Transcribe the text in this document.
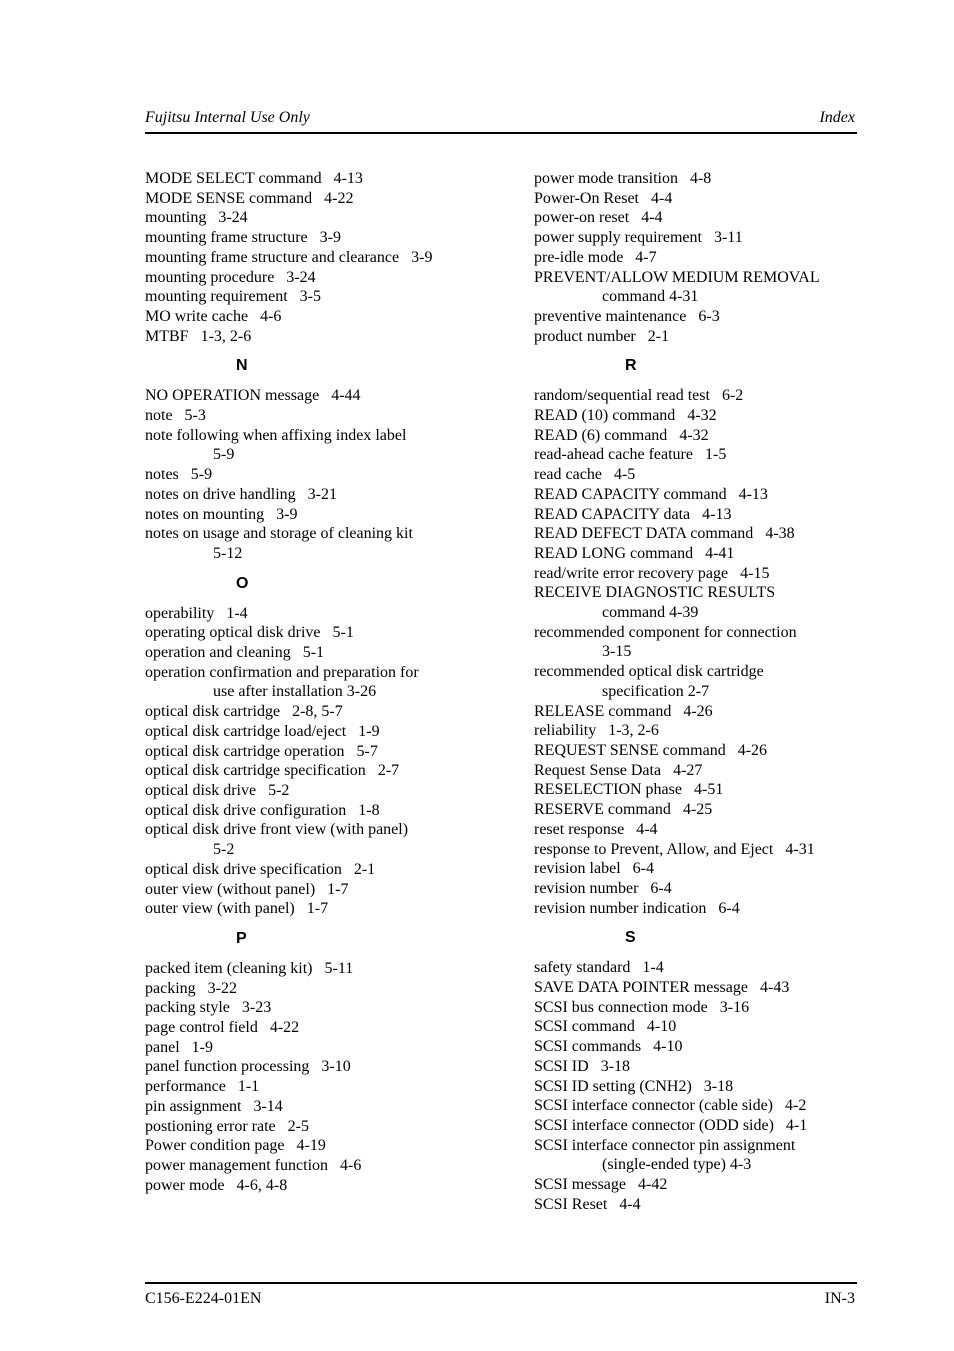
Fujitsu Internal Use Only	Index
MODE SELECT command 4-13
MODE SENSE command 4-22
mounting 3-24
mounting frame structure 3-9
mounting frame structure and clearance 3-9
mounting procedure 3-24
mounting requirement 3-5
MO write cache 4-6
MTBF 1-3, 2-6
N
NO OPERATION message 4-44
note 5-3
note following when affixing index label
5-9
notes 5-9
notes on drive handling 3-21
notes on mounting 3-9
notes on usage and storage of cleaning kit
5-12
O
operability 1-4
operating optical disk drive 5-1
operation and cleaning 5-1
operation confirmation and preparation for
use after installation 3-26
optical disk cartridge 2-8, 5-7
optical disk cartridge load/eject 1-9
optical disk cartridge operation 5-7
optical disk cartridge specification 2-7
optical disk drive 5-2
optical disk drive configuration 1-8
optical disk drive front view (with panel)
5-2
optical disk drive specification 2-1
outer view (without panel) 1-7
outer view (with panel) 1-7
P
packed item (cleaning kit) 5-11
packing 3-22
packing style 3-23
page control field 4-22
panel 1-9
panel function processing 3-10
performance 1-1
pin assignment 3-14
postioning error rate 2-5
Power condition page 4-19
power management function 4-6
power mode 4-6, 4-8
power mode transition 4-8
Power-On Reset 4-4
power-on reset 4-4
power supply requirement 3-11
pre-idle mode 4-7
PREVENT/ALLOW MEDIUM REMOVAL
command 4-31
preventive maintenance 6-3
product number 2-1
R
random/sequential read test 6-2
READ (10) command 4-32
READ (6) command 4-32
read-ahead cache feature 1-5
read cache 4-5
READ CAPACITY command 4-13
READ CAPACITY data 4-13
READ DEFECT DATA command 4-38
READ LONG command 4-41
read/write error recovery page 4-15
RECEIVE DIAGNOSTIC RESULTS
command 4-39
recommended component for connection
3-15
recommended optical disk cartridge
specification 2-7
RELEASE command 4-26
reliability 1-3, 2-6
REQUEST SENSE command 4-26
Request Sense Data 4-27
RESELECTION phase 4-51
RESERVE command 4-25
reset response 4-4
response to Prevent, Allow, and Eject 4-31
revision label 6-4
revision number 6-4
revision number indication 6-4
S
safety standard 1-4
SAVE DATA POINTER message 4-43
SCSI bus connection mode 3-16
SCSI command 4-10
SCSI commands 4-10
SCSI ID 3-18
SCSI ID setting (CNH2) 3-18
SCSI interface connector (cable side) 4-2
SCSI interface connector (ODD side) 4-1
SCSI interface connector pin assignment
(single-ended type) 4-3
SCSI message 4-42
SCSI Reset 4-4
C156-E224-01EN	IN-3
